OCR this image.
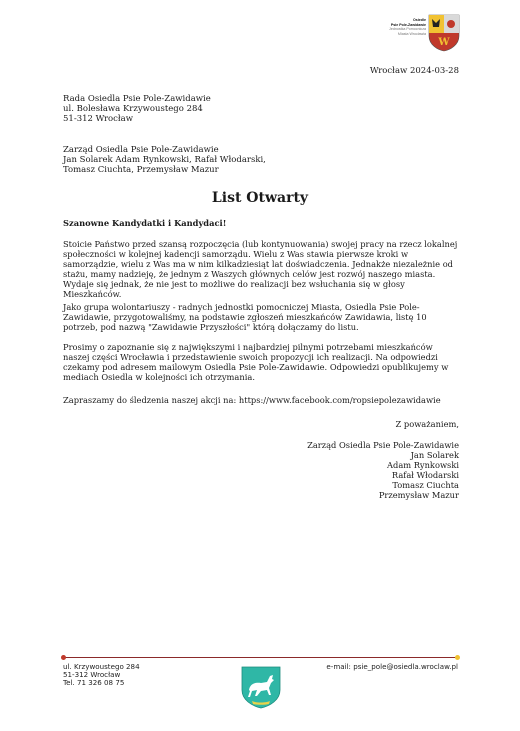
Osiedle
Psie Pole-Zawidawie
Jednostka Pomocnicza
Miasta Wrocławia
W
Wrocław 2024-03-28
Rada Osiedla Psie Pole-Zawidawie
ul. Bolesława Krzywoustego 284
51-312 Wrocław
Zarząd Osiedla Psie Pole-Zawidawie
Jan Solarek Adam Rynkowski, Rafał Włodarski,
Tomasz Ciuchta, Przemysław Mazur
List Otwarty
Szanowne Kandydatki i Kandydaci!
Stoicie Państwo przed szansą rozpoczęcia (lub kontynuowania) swojej pracy na rzecz lokalnej społeczności w kolejnej kadencji samorządu. Wielu z Was stawia pierwsze kroki w samorządzie, wielu z Was ma w nim kilkadziesiąt lat doświadczenia. Jednakże niezależnie od stażu, mamy nadzieję, że jednym z Waszych głównych celów jest rozwój naszego miasta. Wydaje się jednak, że nie jest to możliwe do realizacji bez wsłuchania się w głosy Mieszkańców.
Jako grupa wolontariuszy - radnych jednostki pomocniczej Miasta, Osiedla Psie Pole-Zawidawie, przygotowaliśmy, na podstawie zgłoszeń mieszkańców Zawidawia, listę 10 potrzeb, pod nazwą "Zawidawie Przyszłości" którą dołączamy do listu.
Prosimy o zapoznanie się z największymi i najbardziej pilnymi potrzebami mieszkańców naszej części Wrocławia i przedstawienie swoich propozycji ich realizacji. Na odpowiedzi czekamy pod adresem mailowym Osiedla Psie Pole-Zawidawie. Odpowiedzi opublikujemy w mediach Osiedla w kolejności ich otrzymania.
Zapraszamy do śledzenia naszej akcji na: https://www.facebook.com/ropsiepolezawidawie
Z poważaniem,
Zarząd Osiedla Psie Pole-Zawidawie
Jan Solarek
Adam Rynkowski
Rafał Włodarski
Tomasz Ciuchta
Przemysław Mazur
ul. Krzywoustego 284
51-312 Wrocław
Tel. 71 326 08 75
e-mail: psie_pole@osiedla.wroclaw.pl
